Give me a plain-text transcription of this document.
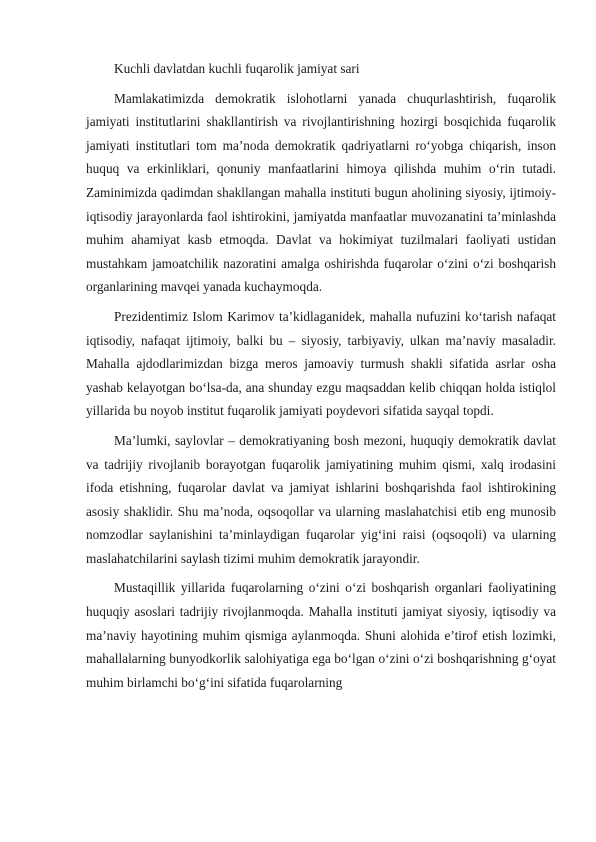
Kuchli davlatdan kuchli fuqarolik jamiyat sari

Mamlakatimizda demokratik islohotlarni yanada chuqurlashtirish, fuqarolik jamiyati institutlarini shakllantirish va rivojlantirishning hozirgi bosqichida fuqarolik jamiyati institutlari tom ma’noda demokratik qadriyatlarni ro‘yobga chiqarish, inson huquq va erkinliklari, qonuniy manfaatlarini himoya qilishda muhim o‘rin tutadi. Zaminimizda qadimdan shakllangan mahalla instituti bugun aholining siyosiy, ijtimoiy-iqtisodiy jarayonlarda faol ishtirokini, jamiyatda manfaatlar muvozanatini ta’minlashda muhim ahamiyat kasb etmoqda. Davlat va hokimiyat tuzilmalari faoliyati ustidan mustahkam jamoatchilik nazoratini amalga oshirishda fuqarolar o‘zini o‘zi boshqarish organlarining mavqei yanada kuchaymoqda.

Prezidentimiz Islom Karimov ta’kidlaganidek, mahalla nufuzini ko‘tarish nafaqat iqtisodiy, nafaqat ijtimoiy, balki bu – siyosiy, tarbiyaviy, ulkan ma’naviy masaladir. Mahalla ajdodlarimizdan bizga meros jamoaviy turmush shakli sifatida asrlar osha yashab kelayotgan bo‘lsa-da, ana shunday ezgu maqsaddan kelib chiqqan holda istiqlol yillarida bu noyob institut fuqarolik jamiyati poydevori sifatida sayqal topdi.

Ma’lumki, saylovlar – demokratiyaning bosh mezoni, huquqiy demokratik davlat va tadrijiy rivojlanib borayotgan fuqarolik jamiyatining muhim qismi, xalq irodasini ifoda etishning, fuqarolar davlat va jamiyat ishlarini boshqarishda faol ishtirokining asosiy shaklidir. Shu ma’noda, oqsoqollar va ularning maslahatchisi etib eng munosib nomzodlar saylanishini ta’minlaydigan fuqarolar yig‘ini raisi (oqsoqoli) va ularning maslahatchilarini saylash tizimi muhim demokratik jarayondir.

Mustaqillik yillarida fuqarolarning o‘zini o‘zi boshqarish organlari faoliyatining huquqiy asoslari tadrijiy rivojlanmoqda. Mahalla instituti jamiyat siyosiy, iqtisodiy va ma’naviy hayotining muhim qismiga aylanmoqda. Shuni alohida e’tirof etish lozimki, mahallalarning bunyodkorlik salohiyatiga ega bo‘lgan o‘zini o‘zi boshqarishning g‘oyat muhim birlamchi bo‘g‘ini sifatida fuqarolarning
